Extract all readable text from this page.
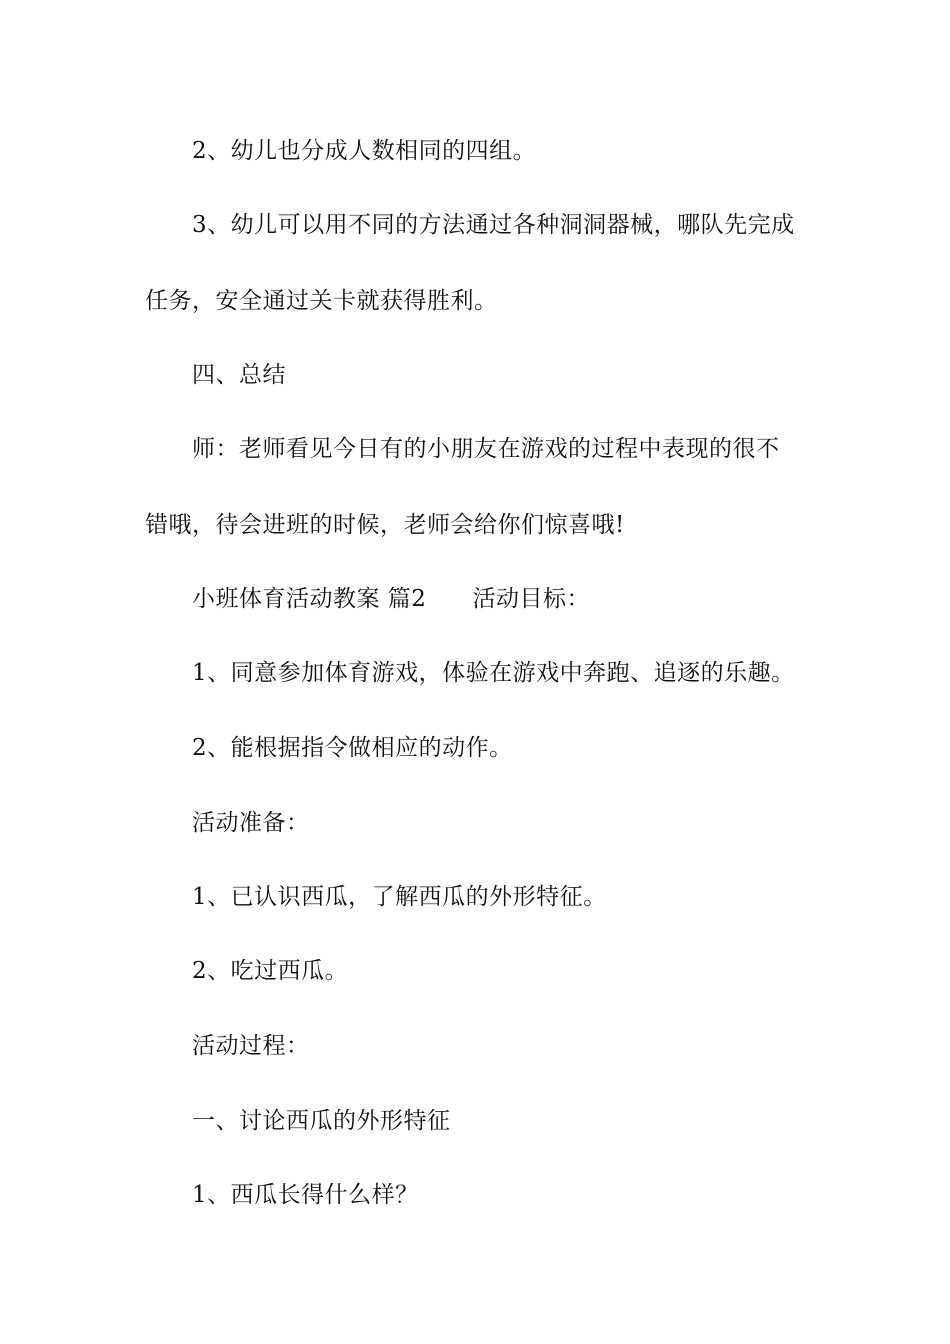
2、幼儿也分成人数相同的四组。
3、幼儿可以用不同的方法通过各种洞洞器械，哪队先完成
任务，安全通过关卡就获得胜利。
四、总结
师：老师看见今日有的小朋友在游戏的过程中表现的很不
错哦，待会进班的时候，老师会给你们惊喜哦!
小班体育活动教案 篇2 活动目标：
1、同意参加体育游戏，体验在游戏中奔跑、追逐的乐趣。
2、能根据指令做相应的动作。
活动准备：
1、已认识西瓜，了解西瓜的外形特征。
2、吃过西瓜。
活动过程：
一、讨论西瓜的外形特征
1、西瓜长得什么样？
